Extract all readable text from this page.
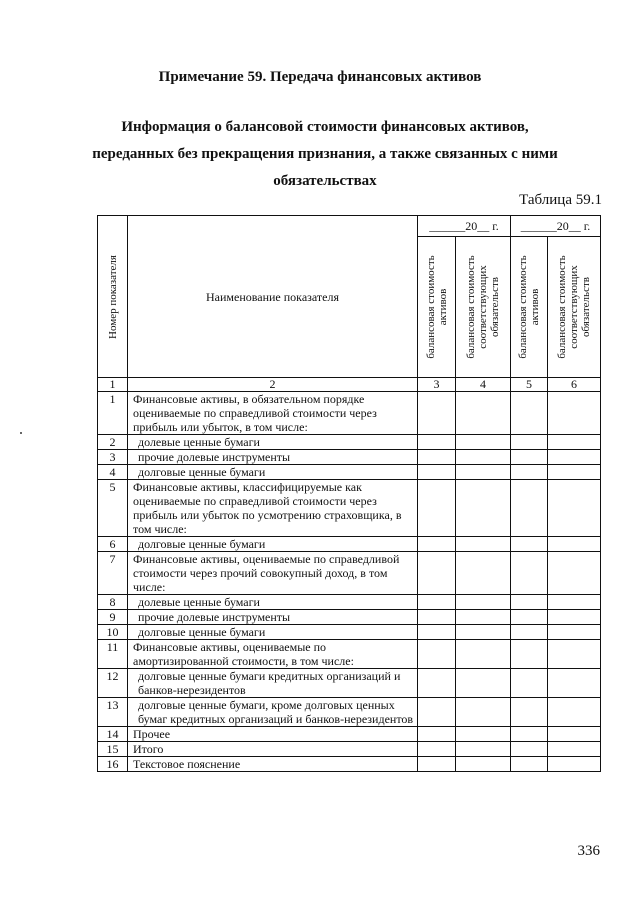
Примечание 59. Передача финансовых активов
Информация о балансовой стоимости финансовых активов, переданных без прекращения признания, а также связанных с ними обязательствах
Таблица 59.1
Номер показателя	Наименование показателя	______20__ г.		______20__ г.	

		балансовая стоимость активов	балансовая стоимость соответствующих обязательств	балансовая стоимость активов	балансовая стоимость соответствующих обязательств

1	2	3	4	5	6
1	Финансовые активы, в обязательном порядке оцениваемые по справедливой стоимости через прибыль или убыток, в том числе:				
2	долевые ценные бумаги				
3	прочие долевые инструменты				
4	долговые ценные бумаги				
5	Финансовые активы, классифицируемые как оцениваемые по справедливой стоимости через прибыль или убыток по усмотрению страховщика, в том числе:				
6	долговые ценные бумаги				
7	Финансовые активы, оцениваемые по справедливой стоимости через прочий совокупный доход, в том числе:				
8	долевые ценные бумаги				
9	прочие долевые инструменты				
10	долговые ценные бумаги				
11	Финансовые активы, оцениваемые по амортизированной стоимости, в том числе:				
12	долговые ценные бумаги кредитных организаций и банков-нерезидентов				
13	долговые ценные бумаги, кроме долговых ценных бумаг кредитных организаций и банков-нерезидентов				
14	Прочее				
15	Итого				
16	Текстовое пояснение				
336
